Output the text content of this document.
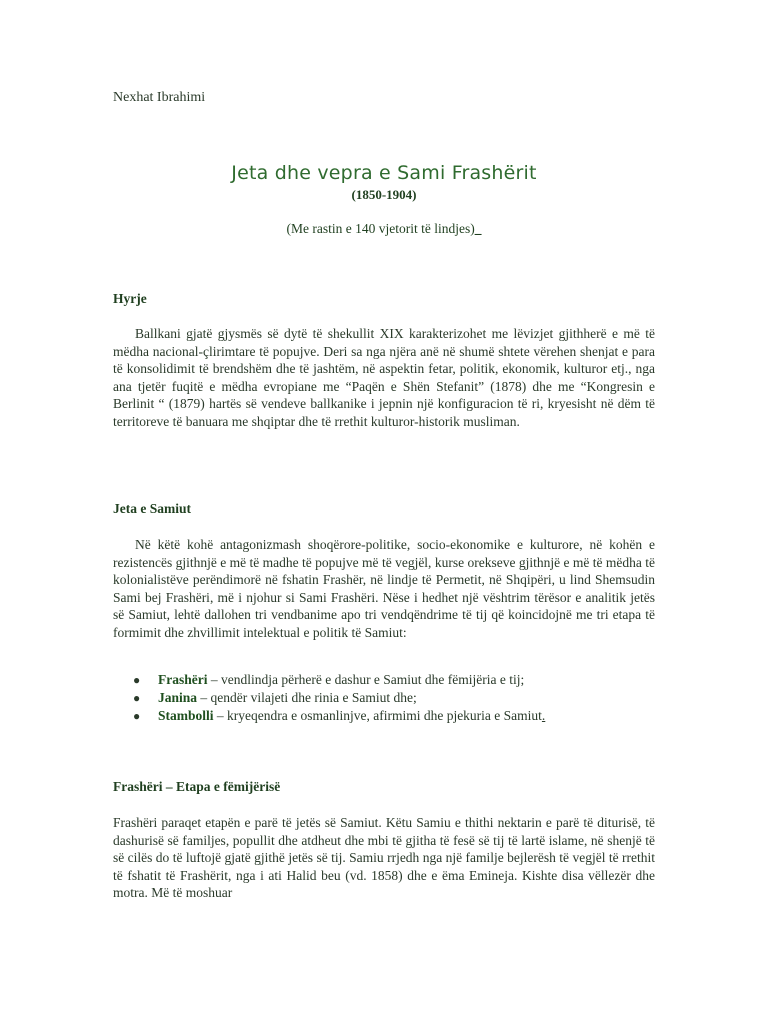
Nexhat Ibrahimi
Jeta dhe vepra e Sami Frashërit
(1850-1904)
(Me rastin e 140 vjetorit të lindjes)_
Hyrje

Ballkani gjatë gjysmës së dytë të shekullit XIX karakterizohet me lëvizjet gjithherë e më të mëdha nacional-çlirimtare të popujve. Deri sa nga njëra anë në shumë shtete vërehen shenjat e para të konsolidimit të brendshëm dhe të jashtëm, në aspektin fetar, politik, ekonomik, kulturor etj., nga ana tjetër fuqitë e mëdha evropiane me “Paqën e Shën Stefanit” (1878) dhe me “Kongresin e Berlinit “ (1879) hartës së vendeve ballkanike i jepnin një konfiguracion të ri, kryesisht në dëm të territoreve të banuara me shqiptar dhe të rrethit kulturor-historik musliman.

Jeta e Samiut

Në këtë kohë antagonizmash shoqërore-politike, socio-ekonomike e kulturore, në kohën e rezistencës gjithnjë e më të madhe të popujve më të vegjël, kurse orekseve gjithnjë e më të mëdha të kolonialistëve perëndimorë në fshatin Frashër, në lindje të Permetit, në Shqipëri, u lind Shemsudin Sami bej Frashëri, më i njohur si Sami Frashëri. Nëse i hedhet një vështrim tërësor e analitik jetës së Samiut, lehtë dallohen tri vendbanime apo tri vendqëndrime të tij që koincidojnë me tri etapa të formimit dhe zhvillimit intelektual e politik të Samiut:

● Frashëri – vendlindja përherë e dashur e Samiut dhe fëmijëria e tij;
● Janina – qendër vilajeti dhe rinia e Samiut dhe;
● Stambolli – kryeqendra e osmanlinjve, afirmimi dhe pjekuria e Samiut.
Frashëri – Etapa e fëmijërisë

Frashëri paraqet etapën e parë të jetës së Samiut. Këtu Samiu e thithi nektarin e parë të diturisë, të dashurisë së familjes, popullit dhe atdheut dhe mbi të gjitha të fesë së tij të lartë islame, në shenjë të së cilës do të luftojë gjatë gjithë jetës së tij. Samiu rrjedh nga një familje bejlerësh të vegjël të rrethit të fshatit të Frashërit, nga i ati Halid beu (vd. 1858) dhe e ëma Emineja. Kishte disa vëllezër dhe motra. Më të moshuar
